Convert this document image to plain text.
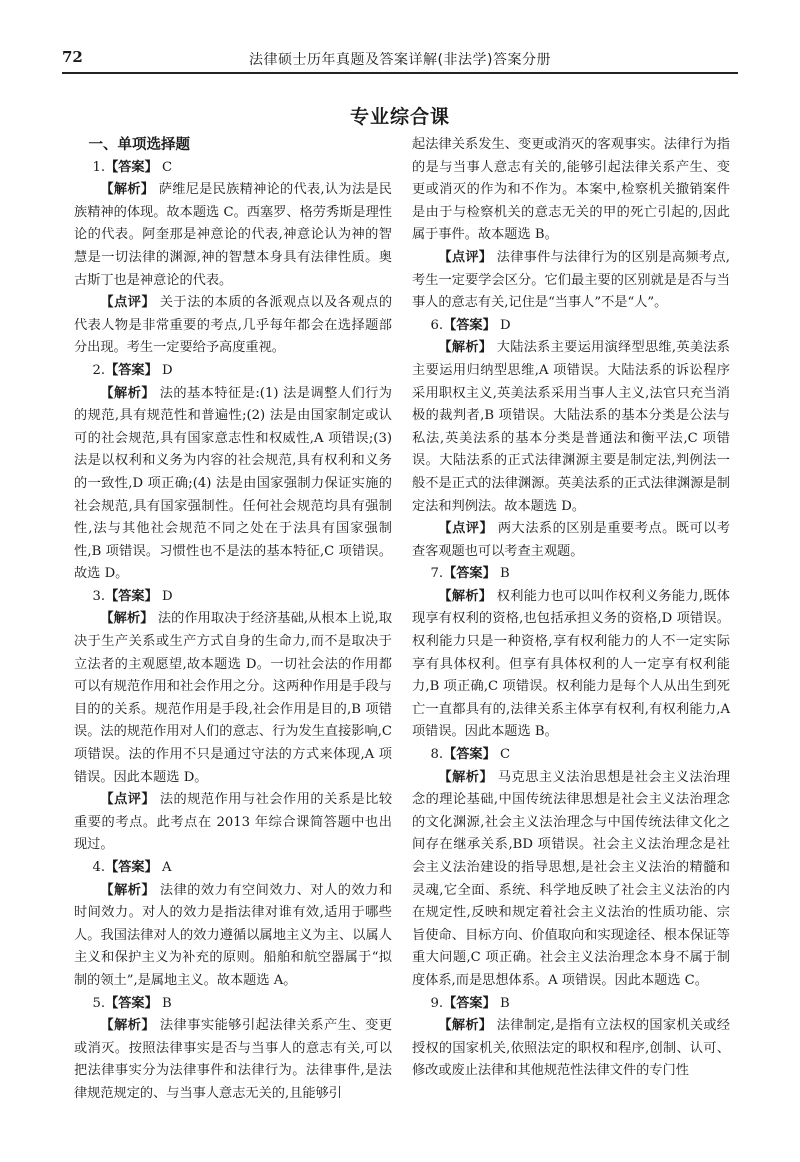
72	法律硕士历年真题及答案详解(非法学)答案分册
专业综合课
一、单项选择题

1.【答案】 C

【解析】 萨维尼是民族精神论的代表,认为法是民族精神的体现。故本题选 C。西塞罗、格劳秀斯是理性论的代表。阿奎那是神意论的代表,神意论认为神的智慧是一切法律的渊源,神的智慧本身具有法律性质。奥古斯丁也是神意论的代表。

【点评】 关于法的本质的各派观点以及各观点的代表人物是非常重要的考点,几乎每年都会在选择题部分出现。考生一定要给予高度重视。

2.【答案】 D

【解析】 法的基本特征是:(1) 法是调整人们行为的规范,具有规范性和普遍性;(2) 法是由国家制定或认可的社会规范,具有国家意志性和权威性,A 项错误;(3) 法是以权利和义务为内容的社会规范,具有权利和义务的一致性,D 项正确;(4) 法是由国家强制力保证实施的社会规范,具有国家强制性。任何社会规范均具有强制性,法与其他社会规范不同之处在于法具有国家强制性,B 项错误。习惯性也不是法的基本特征,C 项错误。故选 D。

3.【答案】 D

【解析】 法的作用取决于经济基础,从根本上说,取决于生产关系或生产方式自身的生命力,而不是取决于立法者的主观愿望,故本题选 D。一切社会法的作用都可以有规范作用和社会作用之分。这两种作用是手段与目的的关系。规范作用是手段,社会作用是目的,B 项错误。法的规范作用对人们的意志、行为发生直接影响,C 项错误。法的作用不只是通过守法的方式来体现,A 项错误。因此本题选 D。

【点评】 法的规范作用与社会作用的关系是比较重要的考点。此考点在 2013 年综合课简答题中也出现过。

4.【答案】 A

【解析】 法律的效力有空间效力、对人的效力和时间效力。对人的效力是指法律对谁有效,适用于哪些人。我国法律对人的效力遵循以属地主义为主、以属人主义和保护主义为补充的原则。船舶和航空器属于“拟制的领土”,是属地主义。故本题选 A。

5.【答案】 B

【解析】 法律事实能够引起法律关系产生、变更或消灭。按照法律事实是否与当事人的意志有关,可以把法律事实分为法律事件和法律行为。法律事件,是法律规范规定的、与当事人意志无关的,且能够引

起法律关系发生、变更或消灭的客观事实。法律行为指的是与当事人意志有关的,能够引起法律关系产生、变更或消灭的作为和不作为。本案中,检察机关撤销案件是由于与检察机关的意志无关的甲的死亡引起的,因此属于事件。故本题选 B。

【点评】 法律事件与法律行为的区别是高频考点,考生一定要学会区分。它们最主要的区别就是是否与当事人的意志有关,记住是“当事人”不是“人”。

6.【答案】 D

【解析】 大陆法系主要运用演绎型思维,英美法系主要运用归纳型思维,A 项错误。大陆法系的诉讼程序采用职权主义,英美法系采用当事人主义,法官只充当消极的裁判者,B 项错误。大陆法系的基本分类是公法与私法,英美法系的基本分类是普通法和衡平法,C 项错误。大陆法系的正式法律渊源主要是制定法,判例法一般不是正式的法律渊源。英美法系的正式法律渊源是制定法和判例法。故本题选 D。

【点评】 两大法系的区别是重要考点。既可以考查客观题也可以考查主观题。

7.【答案】 B

【解析】 权利能力也可以叫作权利义务能力,既体现享有权利的资格,也包括承担义务的资格,D 项错误。权利能力只是一种资格,享有权利能力的人不一定实际享有具体权利。但享有具体权利的人一定享有权利能力,B 项正确,C 项错误。权利能力是每个人从出生到死亡一直都具有的,法律关系主体享有权利,有权利能力,A 项错误。因此本题选 B。

8.【答案】 C

【解析】 马克思主义法治思想是社会主义法治理念的理论基础,中国传统法律思想是社会主义法治理念的文化渊源,社会主义法治理念与中国传统法律文化之间存在继承关系,BD 项错误。社会主义法治理念是社会主义法治建设的指导思想,是社会主义法治的精髓和灵魂,它全面、系统、科学地反映了社会主义法治的内在规定性,反映和规定着社会主义法治的性质功能、宗旨使命、目标方向、价值取向和实现途径、根本保证等重大问题,C 项正确。社会主义法治理念本身不属于制度体系,而是思想体系。A 项错误。因此本题选 C。

9.【答案】 B

【解析】 法律制定,是指有立法权的国家机关或经授权的国家机关,依照法定的职权和程序,创制、认可、修改或废止法律和其他规范性法律文件的专门性
